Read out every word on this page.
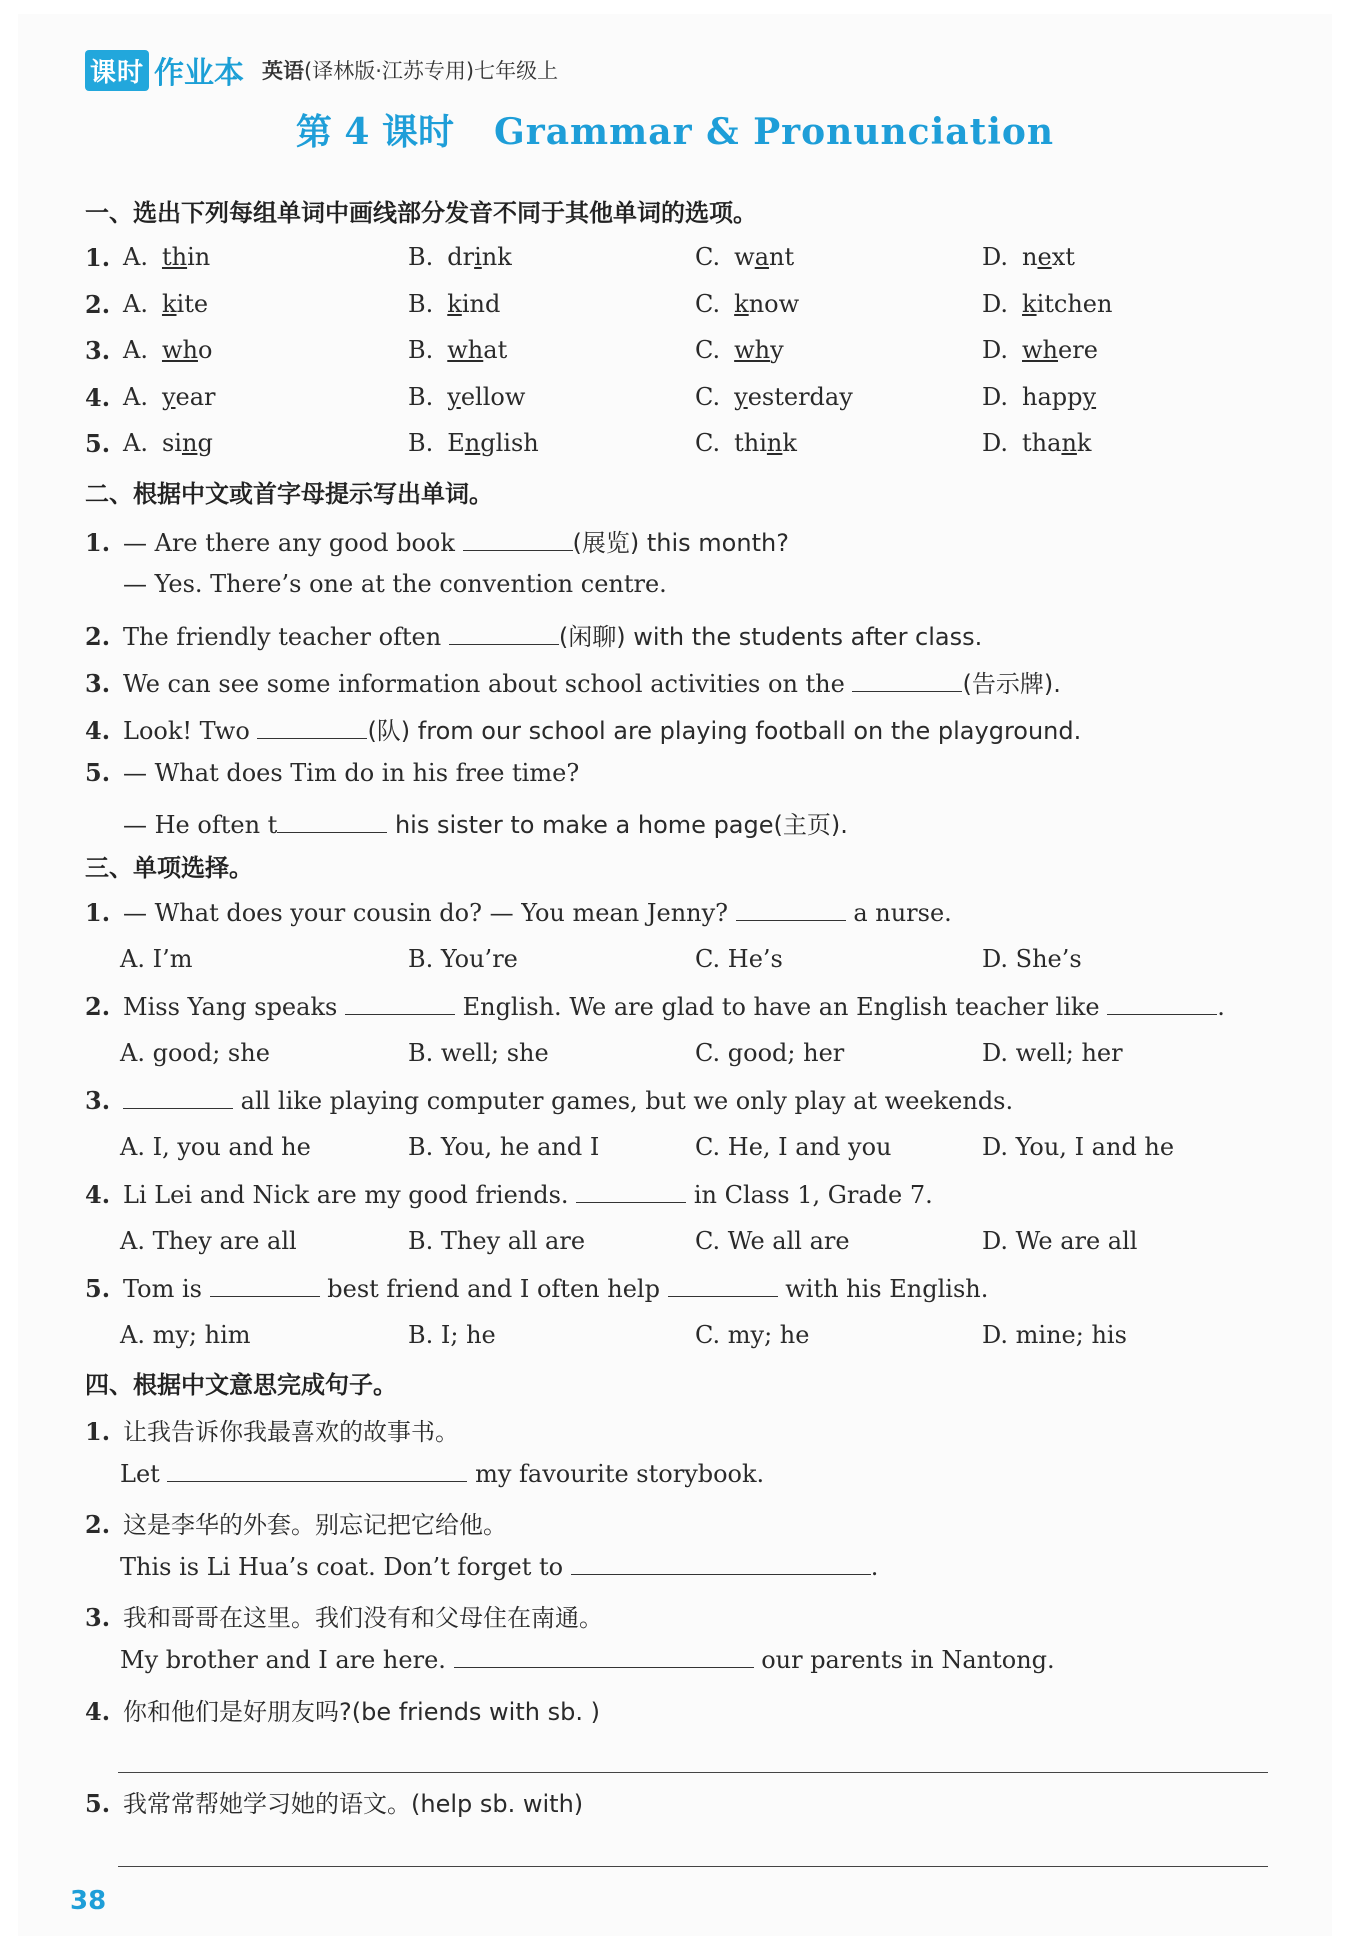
课时 作业本 英语(译林版·江苏专用)七年级上
第 4 课时 Grammar & Pronunciation
一、选出下列每组单词中画线部分发音不同于其他单词的选项。
1. A. thin	B. drink	C. want	D. next
2. A. kite	B. kind	C. know	D. kitchen
3. A. who	B. what	C. why	D. where
4. A. year	B. yellow	C. yesterday	D. happy
5. A. sing	B. English	C. think	D. thank
二、根据中文或首字母提示写出单词。
1. — Are there any good book	(展览) this month?
— Yes. There’s one at the convention centre.
2. The friendly teacher often	(闲聊) with the students after class.
3. We can see some information about school activities on the	(告示牌).
4. Look! Two	(队) from our school are playing football on the playground.
5. — What does Tim do in his free time?
— He often t	his sister to make a home page(主页).
三、单项选择。
1. — What does your cousin do? — You mean Jenny?	a nurse.
A. I’m	B. You’re	C. He’s	D. She’s
2. Miss Yang speaks	English. We are glad to have an English teacher like	.
A. good; she	B. well; she	C. good; her	D. well; her
3.	all like playing computer games, but we only play at weekends.
A. I, you and he	B. You, he and I	C. He, I and you	D. You, I and he
4. Li Lei and Nick are my good friends.	in Class 1, Grade 7.
A. They are all	B. They all are	C. We all are	D. We are all
5. Tom is	best friend and I often help	with his English.
A. my; him	B. I; he	C. my; he	D. mine; his
四、根据中文意思完成句子。
1. 让我告诉你我最喜欢的故事书。
Let	my favourite storybook.
2. 这是李华的外套。别忘记把它给他。
This is Li Hua’s coat. Don’t forget to	.
3. 我和哥哥在这里。我们没有和父母住在南通。
My brother and I are here.	our parents in Nantong.
4. 你和他们是好朋友吗?(be friends with sb. )
5. 我常常帮她学习她的语文。(help sb. with)
38
